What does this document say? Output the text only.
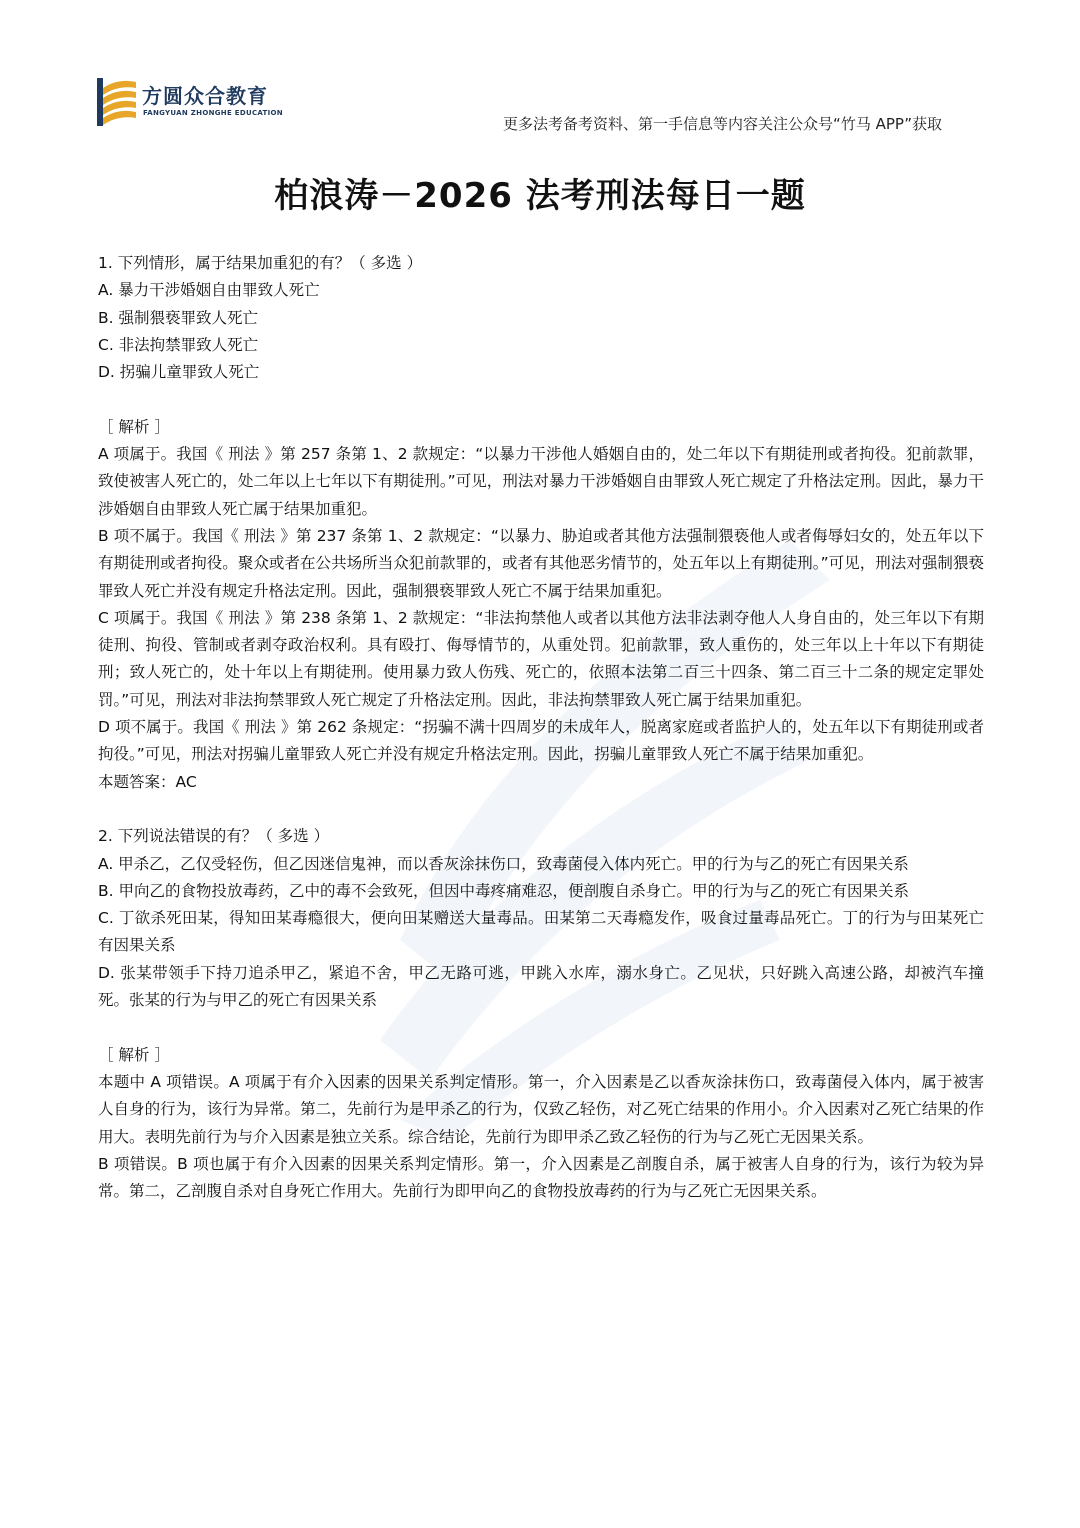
方圆众合教育
FANGYUAN ZHONGHE EDUCATION
更多法考备考资料、第一手信息等内容关注公众号“竹马 APP”获取
柏浪涛－2026 法考刑法每日一题
1. 下列情形，属于结果加重犯的有？（ 多选 ）
A. 暴力干涉婚姻自由罪致人死亡
B. 强制猥亵罪致人死亡
C. 非法拘禁罪致人死亡
D. 拐骗儿童罪致人死亡
［ 解析 ］
A 项属于。我国《 刑法 》第 257 条第 1、2 款规定：“以暴力干涉他人婚姻自由的，处二年以下有期徒刑或者拘役。犯前款罪，致使被害人死亡的，处二年以上七年以下有期徒刑。”可见，刑法对暴力干涉婚姻自由罪致人死亡规定了升格法定刑。因此，暴力干涉婚姻自由罪致人死亡属于结果加重犯。
B 项不属于。我国《 刑法 》第 237 条第 1、2 款规定：“以暴力、胁迫或者其他方法强制猥亵他人或者侮辱妇女的，处五年以下有期徒刑或者拘役。聚众或者在公共场所当众犯前款罪的，或者有其他恶劣情节的，处五年以上有期徒刑。”可见，刑法对强制猥亵罪致人死亡并没有规定升格法定刑。因此，强制猥亵罪致人死亡不属于结果加重犯。
C 项属于。我国《 刑法 》第 238 条第 1、2 款规定：“非法拘禁他人或者以其他方法非法剥夺他人人身自由的，处三年以下有期徒刑、拘役、管制或者剥夺政治权利。具有殴打、侮辱情节的，从重处罚。犯前款罪，致人重伤的，处三年以上十年以下有期徒刑；致人死亡的，处十年以上有期徒刑。使用暴力致人伤残、死亡的，依照本法第二百三十四条、第二百三十二条的规定定罪处罚。”可见，刑法对非法拘禁罪致人死亡规定了升格法定刑。因此，非法拘禁罪致人死亡属于结果加重犯。
D 项不属于。我国《 刑法 》第 262 条规定：“拐骗不满十四周岁的未成年人，脱离家庭或者监护人的，处五年以下有期徒刑或者拘役。”可见，刑法对拐骗儿童罪致人死亡并没有规定升格法定刑。因此，拐骗儿童罪致人死亡不属于结果加重犯。
本题答案：AC
2. 下列说法错误的有？（ 多选 ）
A. 甲杀乙，乙仅受轻伤，但乙因迷信鬼神，而以香灰涂抹伤口，致毒菌侵入体内死亡。甲的行为与乙的死亡有因果关系
B. 甲向乙的食物投放毒药，乙中的毒不会致死，但因中毒疼痛难忍，便剖腹自杀身亡。甲的行为与乙的死亡有因果关系
C. 丁欲杀死田某，得知田某毒瘾很大，便向田某赠送大量毒品。田某第二天毒瘾发作，吸食过量毒品死亡。丁的行为与田某死亡有因果关系
D. 张某带领手下持刀追杀甲乙，紧追不舍，甲乙无路可逃，甲跳入水库，溺水身亡。乙见状，只好跳入高速公路，却被汽车撞死。张某的行为与甲乙的死亡有因果关系
［ 解析 ］
本题中 A 项错误。A 项属于有介入因素的因果关系判定情形。第一，介入因素是乙以香灰涂抹伤口，致毒菌侵入体内，属于被害人自身的行为，该行为异常。第二，先前行为是甲杀乙的行为，仅致乙轻伤，对乙死亡结果的作用小。介入因素对乙死亡结果的作用大。表明先前行为与介入因素是独立关系。综合结论，先前行为即甲杀乙致乙轻伤的行为与乙死亡无因果关系。
B 项错误。B 项也属于有介入因素的因果关系判定情形。第一，介入因素是乙剖腹自杀，属于被害人自身的行为，该行为较为异常。第二，乙剖腹自杀对自身死亡作用大。先前行为即甲向乙的食物投放毒药的行为与乙死亡无因果关系。
